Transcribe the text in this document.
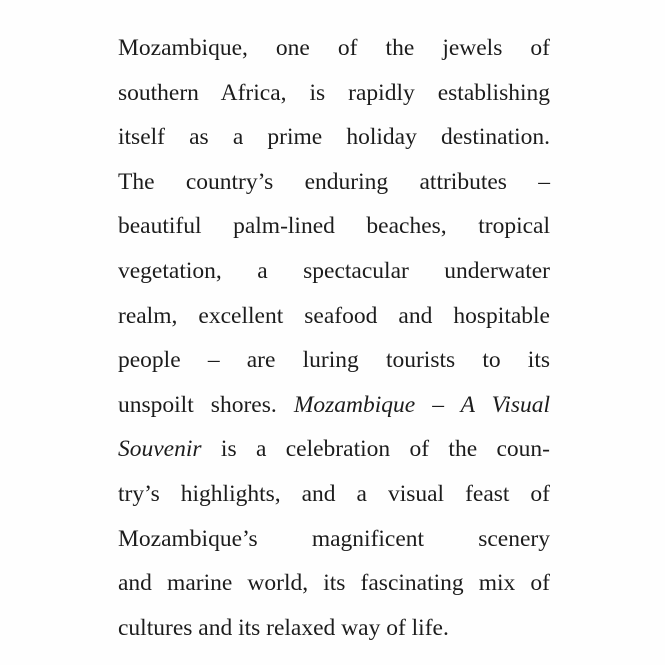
Mozambique, one of the jewels of
southern Africa, is rapidly establishing
itself as a prime holiday destination.
The country’s enduring attributes –
beautiful palm-lined beaches, tropical
vegetation, a spectacular underwater
realm, excellent seafood and hospitable
people – are luring tourists to its
unspoilt shores. Mozambique – A Visual
Souvenir is a celebration of the coun-
try’s highlights, and a visual feast of
Mozambique’s magnificent scenery
and marine world, its fascinating mix of
cultures and its relaxed way of life.
